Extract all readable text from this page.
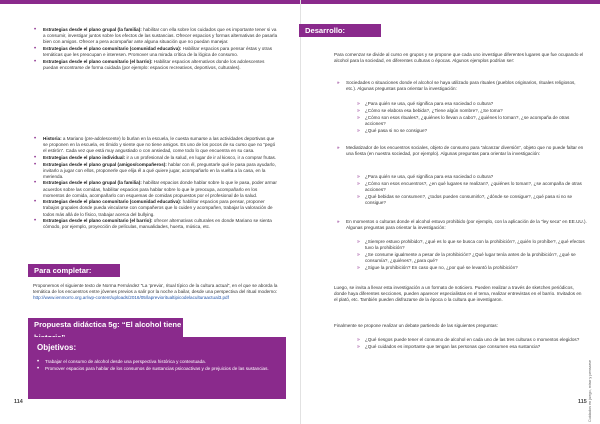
• Estrategias desde el plano grupal (la familia): habilitar con ella sobre los cuidados que es importante tener si va a consumir, investigar juntos sobre los efectos de las sustancias. Ofrecer espacios y formas alternativas de pasarla bien con amigos. Ofrecer a pera acompañar ante alguna situación que no puedan manejar.
• Estrategias desde el plano comunitario (comunidad educativa): Habilitar espacios para pensar éstas y otras temáticas que les preocupan e interesen. Promover una mirada crítica de la lógica de consumo.
• Estrategias desde el plano comunitario (el barrio): Habilitar espacios alternativos donde los adolescentes puedan encontrarse de forma cuidada (por ejemplo: espacios recreativos, deportivos, culturales).
• Historia: a Mariano (pre-adolescente) lo burlan en la escuela, le cuesta sumarse a las actividades deportivas que se proponen en la escuela, es tímido y siente que no tiene amigos. Es uno de los pocos de su curso que no “pegó el estirón”. Cada vez que está muy angustiado o con ansiedad, come todo lo que encuentra en su casa.
• Estrategias desde el plano individual: ir a un profesional de la salud, en lugar de ir al kiosco, ir a comprar frutas.
• Estrategias desde el plano grupal (amigos/compañeros): hablar con él, preguntarle qué le pasa para ayudarlo, invitarlo a jugar con ellos, proponerle que elija él a qué quiere jugar, acompañarlo en la vuelta a la casa, en la merienda.
• Estrategias desde el plano grupal (la familia): habilitar espacios donde hablar sobre lo que le pasa, poder armar acuerdos sobre las comidas, habilitar espacios para hablar sobre lo que le preocupa, acompañarlo en los momentos de comida, acompañarlo con esquemas de comidas propuestos por el profesional de la salud.
• Estrategias desde el plano comunitario (comunidad educativa): habilitar espacios para pensar, proponer trabajos grupales donde pueda vincularse con compañeros que lo cuiden y acompañen, trabajar la valoración de todos más allá de lo físico, trabajar acerca del bullying.
• Estrategias desde el plano comunitario (el barrio): ofrecer alternativas culturales en donde Mariano se sienta cómodo, por ejemplo, proyección de películas, manualidades, huerta, música, etc.
Para completar:
Proponemos el siguiente texto de Norma Fernández “La ‘previa’, ritual típico de la cultura actual”, en el que se aborda la temática de los encuentros entre jóvenes previos a salir por la noche a bailar, desde una perspectiva del ritual moderno: http://www.ienmorro.org.ar/wp-content/uploads/2016/05/laprevioritualtipicodelaculturaactual3.pdf
Propuesta didáctica 5g: “El alcohol tiene
Objetivos:
• Trabajar el consumo de alcohol desde una perspectiva histórica y contextuada.
• Promover espacios para hablar de los consumos de sustancias psicoactivas y de prejuicios de las sustancias.
114
Desarrollo:
Para comenzar se divide al curso en grupos y se propone que cada uno investigue diferentes lugares que fue ocupando el alcohol para la sociedad, en diferentes culturas o épocas. Algunos ejemplos podrían ser:
» Sociedades o situaciones donde el alcohol se haya utilizado para rituales (pueblos originarios, rituales religiosos, etc.). Algunas preguntas para orientar la investigación:
» ¿Para quién se usa, qué significa para esa sociedad o cultura?
» ¿Cómo se elabora esa bebida?, ¿Tiene algún nombre?, ¿Se toma?
» ¿Cómo son esos rituales?, ¿quiénes lo llevan a cabo?, ¿quiénes lo toman?, ¿se acompaña de otras acciones?
» ¿Qué pasa si no se consigue?
» Mediatizador de los encuentros sociales, objeto de consumo para “alcanzar diversión”, objeto que no puede faltar en una fiesta (en nuestra sociedad, por ejemplo). Algunas preguntas para orientar la investigación:
» ¿Para quién se usa, qué significa para esa sociedad o cultura?
» ¿Cómo son esos encuentros?, ¿en qué lugares se realizan?, ¿quiénes lo toman?, ¿se acompaña de otras acciones?
» ¿Qué bebidas se consumen?, ¿todos pueden consumirlo?, ¿dónde se consigue?, ¿qué pasa si no se consigue?
» En momentos o culturas donde el alcohol estuvo prohibido (por ejemplo, con la aplicación de la “ley seca” en EE.UU.). Algunas preguntas para orientar la investigación:
» ¿Siempre estuvo prohibido?, ¿qué es lo que se busca con la prohibición?, ¿quién lo prohíbe?, ¿qué efectos tuvo la prohibición?
» ¿Se consume igualmente a pesar de la prohibición? ¿Qué lugar tenía antes de la prohibición?, ¿qué se consumía?, ¿quiénes?, ¿para qué?
» ¿Sigue la prohibición? En caso que no, ¿por qué se levantó la prohibición?
Luego, se invita a llevar esta investigación a un formato de noticiero. Pueden realizar a través de sketches periódicos, donde haya diferentes secciones, pueden aparecer especialistas en el tema, realizar entrevistas en el barrio. Invitados en el plató, etc. También pueden disfrazarse de la época o la cultura que investigaron.
Finalmente se propone realizar un debate partiendo de las siguientes preguntas:
» ¿Qué riesgos puede tener el consumo de alcohol en cada uno de las tres culturas o momentos elegidos?
» ¿Qué cuidados es importante que tengan las personas que consumen esa sustancia?
Cuidados en juego, mirar y pensarse
115
